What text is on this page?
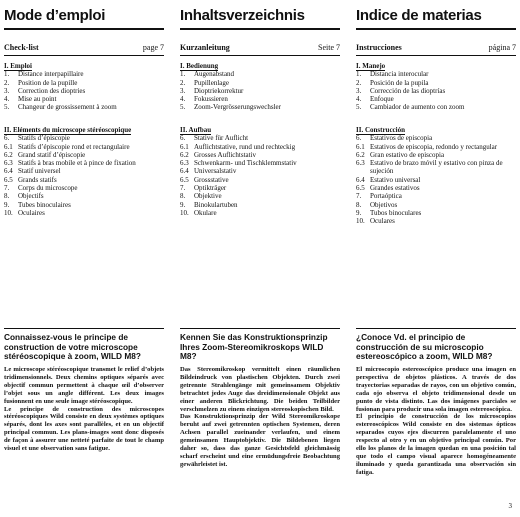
Mode d’emploi
Check-list	page 7
I. Emploi
1.	Distance interpapillaire
2.	Position de la pupille
3.	Correction des dioptries
4.	Mise au point
5.	Changeur de grossissement à zoom
II. Eléments du microscope stéréoscopique
6.	Statifs d’épiscopie
6.1 Statifs d’épiscopie rond et rectangulaire
6.2 Grand statif d’épiscopie
6.3 Statifs à bras mobile et à pince de fixation
6.4 Statif universel
6.5 Grands statifs
7.	Corps du microscope
8.	Objectifs
9.	Tubes binoculaires
10. Oculaires
Connaissez-vous le principe de construction de votre microscope stéréoscopique à zoom, WILD M8?

Le microscope stéréoscopique transmet le relief d’objets tridimensionnels. Deux chemins optiques séparés avec objectif commun permettent à chaque œil d’observer l’objet sous un angle différent. Les deux images fusionnent en une seule image stéréoscopique.

Le principe de construction des microscopes stéréoscopiques Wild consiste en deux systèmes optiques séparés, dont les axes sont parallèles, et en un objectif principal commun. Les plans-images sont donc disposés de façon à assurer une netteté parfaite de tout le champ visuel et une observation sans fatigue.

Inhaltsverzeichnis
Kurzanleitung	Seite 7
I. Bedienung
1.	Augenabstand
2.	Pupillenlage
3.	Dioptriekorrektur
4.	Fokussieren
5.	Zoom-Vergrösserungswechsler
II. Aufbau
6.	Stative für Auflicht
6.1 Auflichtstative, rund und rechteckig
6.2 Grosses Auflichtstativ
6.3 Schwenkarm- und Tischklemmstativ
6.4 Universalstativ
6.5 Grossstative
7.	Optikträger
8.	Objektive
9.	Binokulartuben
10. Okulare
Kennen Sie das Konstruktionsprinzip Ihres Zoom-Stereomikroskops WILD M8?

Das Stereomikroskop vermittelt einen räumlichen Bildeindruck von plastischen Objekten. Durch zwei getrennte Strahlengänge mit gemeinsamem Objektiv betrachtet jedes Auge das dreidimensionale Objekt aus einer anderen Blickrichtung. Die beiden Teilbilder verschmelzen zu einem einzigen stereoskopischen Bild.

Das Konstruktionsprinzip der Wild Stereomikroskope beruht auf zwei getrennten optischen Systemen, deren Achsen parallel zueinander verlaufen, und einem gemeinsamen Hauptobjektiv. Die Bildebenen liegen daher so, dass das ganze Gesichtsfeld gleichmässig scharf erscheint und eine ermüdungsfreie Beobachtung gewährleistet ist.

Indice de materias
Instrucciones	página 7
I. Manejo
1.	Distancia interocular
2.	Posición de la pupila
3.	Corrección de las dioptrías
4.	Enfoque
5.	Cambiador de aumento con zoom
II. Construcción
6.	Estativos de episcopia
6.1 Estativos de episcopia, redondo y rectangular
6.2 Gran estativo de episcopia
6.3 Estativo de brazo móvil y estativo con pinza de sujeción
6.4 Estativo universal
6.5 Grandes estativos
7.	Portaóptica
8.	Objetivos
9.	Tubos binoculares
10. Oculares
¿Conoce Vd. el principio de construcción de su microscopio estereoscópico a zoom, WILD M8?

El microscopio estereoscópico produce una imagen en perspectiva de objetos plásticos. A través de dos trayectorias separadas de rayos, con un objetivo común, cada ojo observa el objeto tridimensional desde un punto de vista distinto. Las dos imágenes parciales se fusionan para producir una sola imagen estereoscópica.

El principio de construcción de los microscopios estereoscópicos Wild consiste en dos sistemas ópticos separados cuyos ejes discurren paralelamente el uno respecto al otro y en un objetivo principal común. Por ello los planos de la imagen quedan en una posición tal que todo el campo visual aparece homogéneamente iluminado y queda garantizada una observación sin fatiga.

3
